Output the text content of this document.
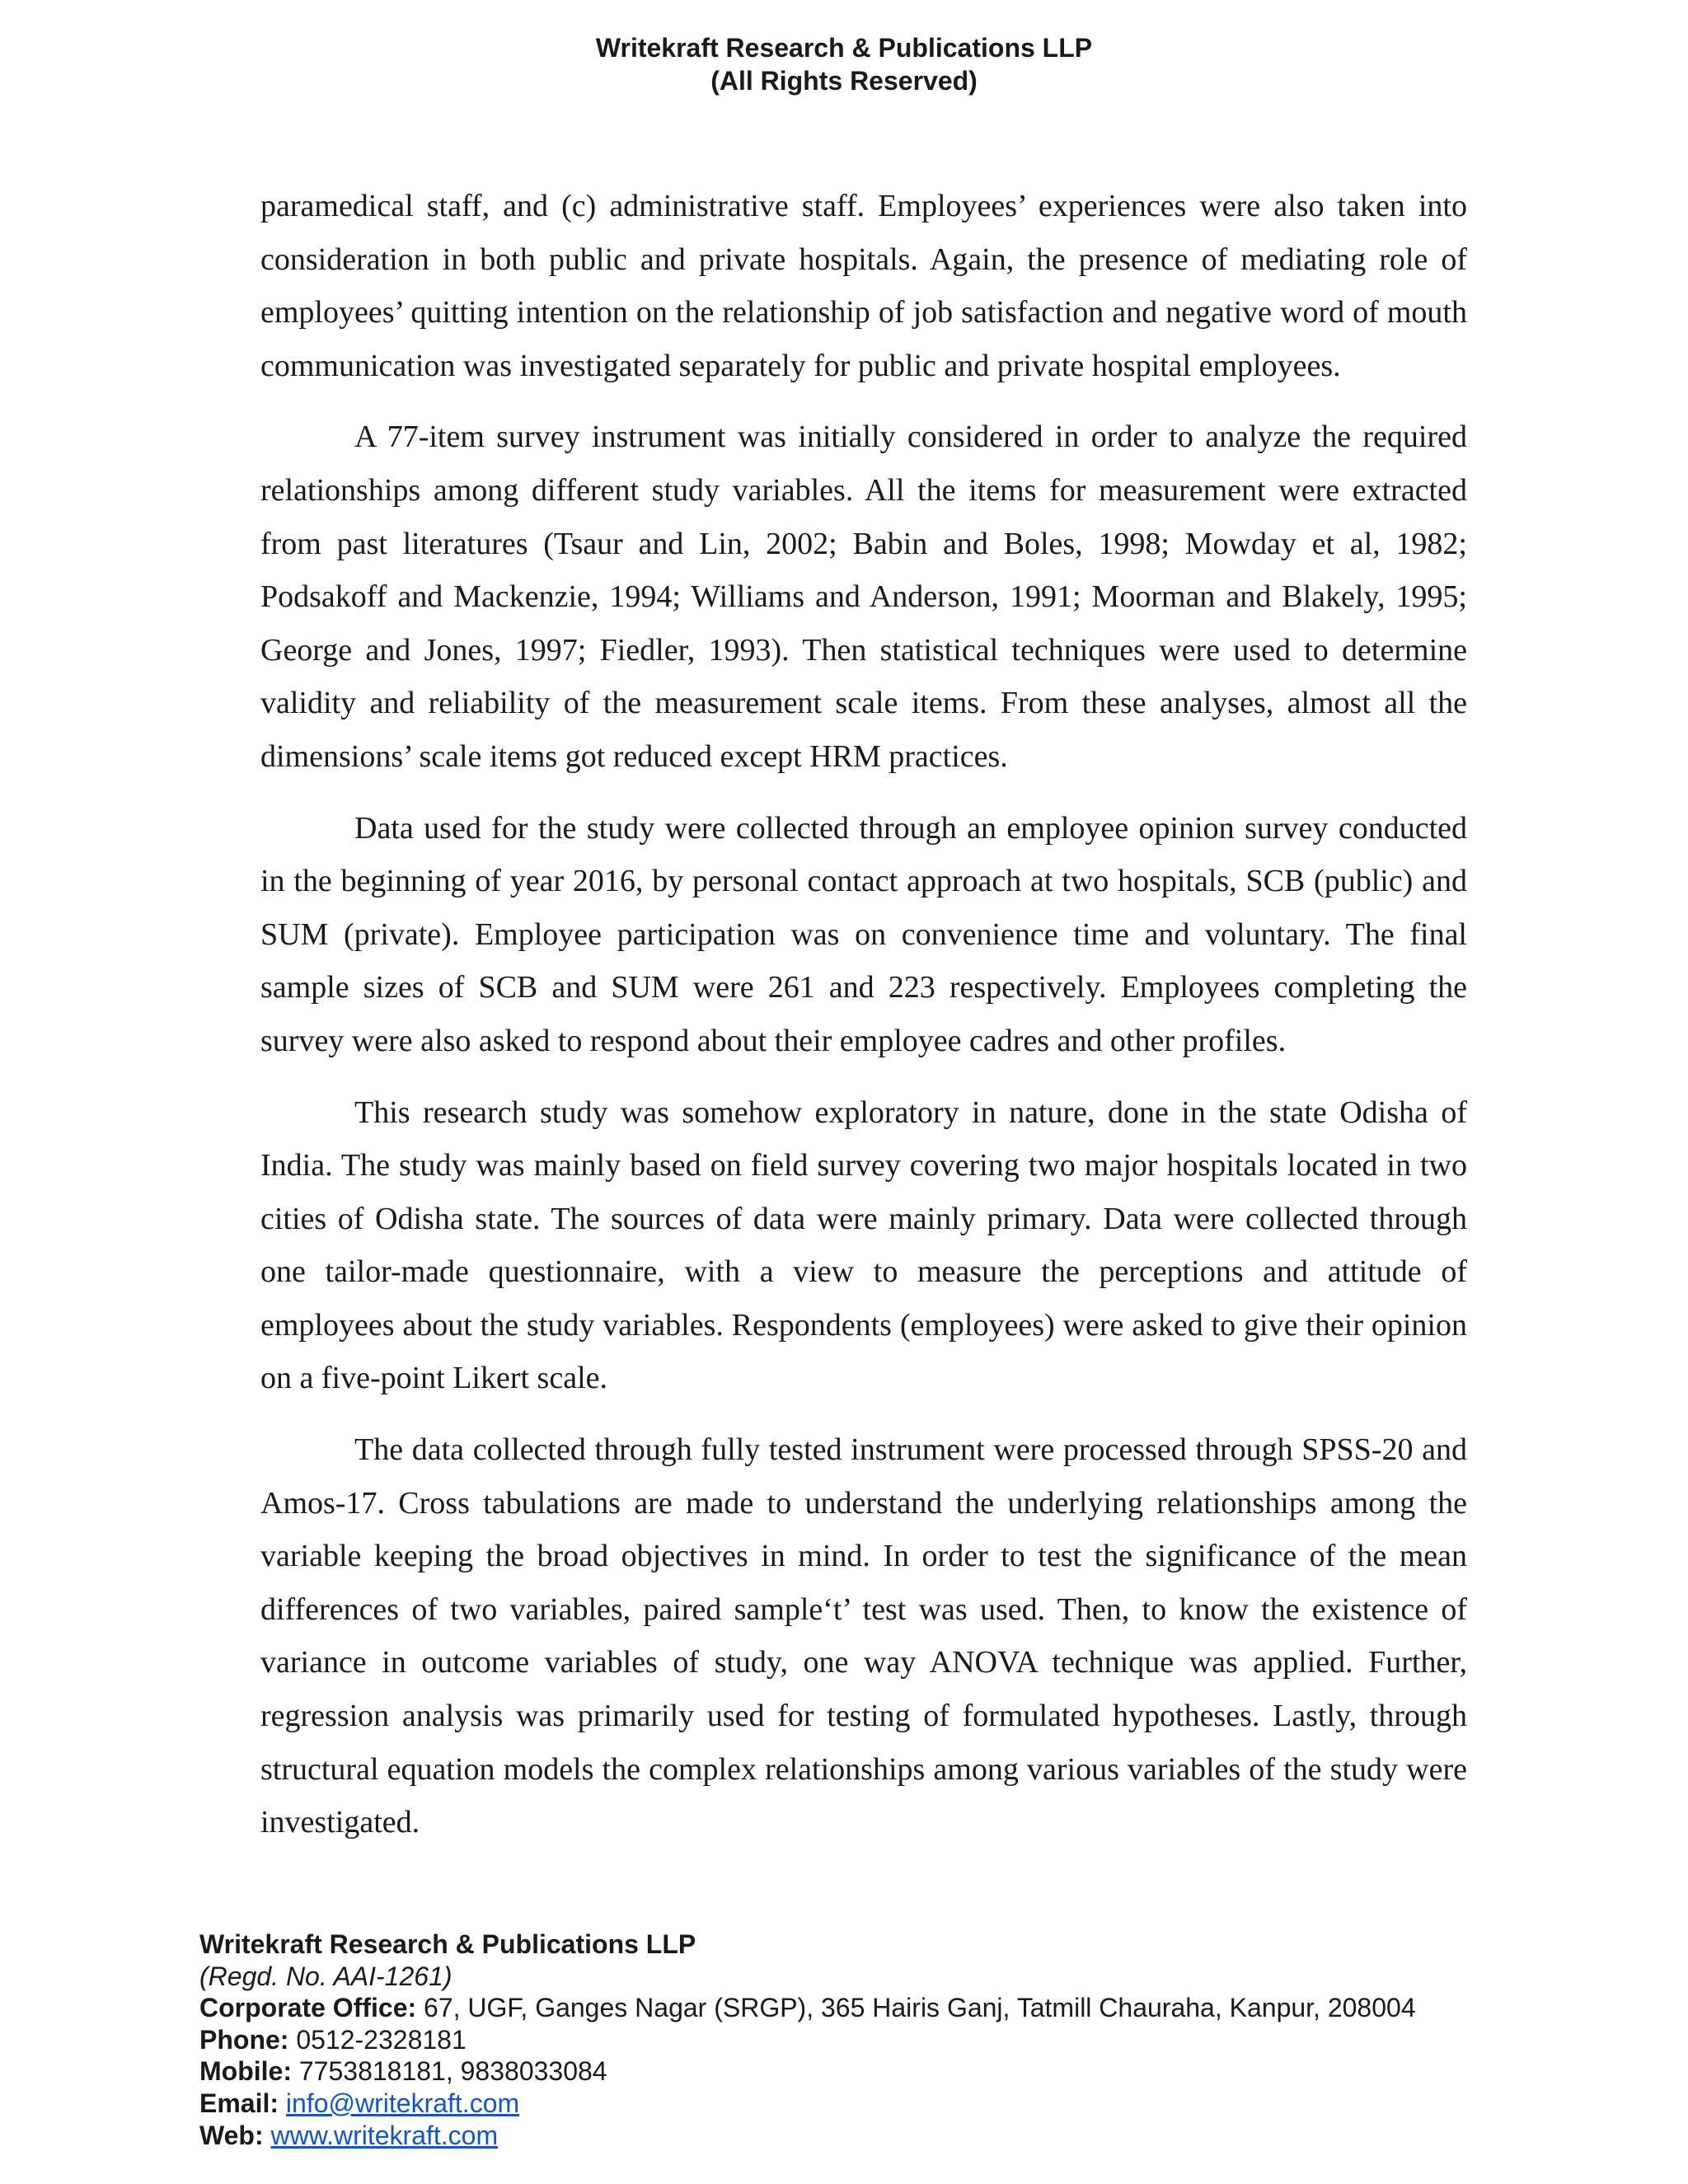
Writekraft Research & Publications LLP
(All Rights Reserved)

paramedical staff, and (c) administrative staff. Employees’ experiences were also taken into consideration in both public and private hospitals. Again, the presence of mediating role of employees’ quitting intention on the relationship of job satisfaction and negative word of mouth communication was investigated separately for public and private hospital employees.

A 77-item survey instrument was initially considered in order to analyze the required relationships among different study variables. All the items for measurement were extracted from past literatures (Tsaur and Lin, 2002; Babin and Boles, 1998; Mowday et al, 1982; Podsakoff and Mackenzie, 1994; Williams and Anderson, 1991; Moorman and Blakely, 1995; George and Jones, 1997; Fiedler, 1993). Then statistical techniques were used to determine validity and reliability of the measurement scale items. From these analyses, almost all the dimensions’ scale items got reduced except HRM practices.

Data used for the study were collected through an employee opinion survey conducted in the beginning of year 2016, by personal contact approach at two hospitals, SCB (public) and SUM (private). Employee participation was on convenience time and voluntary. The final sample sizes of SCB and SUM were 261 and 223 respectively. Employees completing the survey were also asked to respond about their employee cadres and other profiles.

This research study was somehow exploratory in nature, done in the state Odisha of India. The study was mainly based on field survey covering two major hospitals located in two cities of Odisha state. The sources of data were mainly primary. Data were collected through one tailor-made questionnaire, with a view to measure the perceptions and attitude of employees about the study variables. Respondents (employees) were asked to give their opinion on a five-point Likert scale.

The data collected through fully tested instrument were processed through SPSS-20 and Amos-17. Cross tabulations are made to understand the underlying relationships among the variable keeping the broad objectives in mind. In order to test the significance of the mean differences of two variables, paired sample‘t’ test was used. Then, to know the existence of variance in outcome variables of study, one way ANOVA technique was applied. Further, regression analysis was primarily used for testing of formulated hypotheses. Lastly, through structural equation models the complex relationships among various variables of the study were investigated.

Writekraft Research & Publications LLP
(Regd. No. AAI-1261)
Corporate Office: 67, UGF, Ganges Nagar (SRGP), 365 Hairis Ganj, Tatmill Chauraha, Kanpur, 208004
Phone: 0512-2328181
Mobile: 7753818181, 9838033084
Email: info@writekraft.com
Web: www.writekraft.com
